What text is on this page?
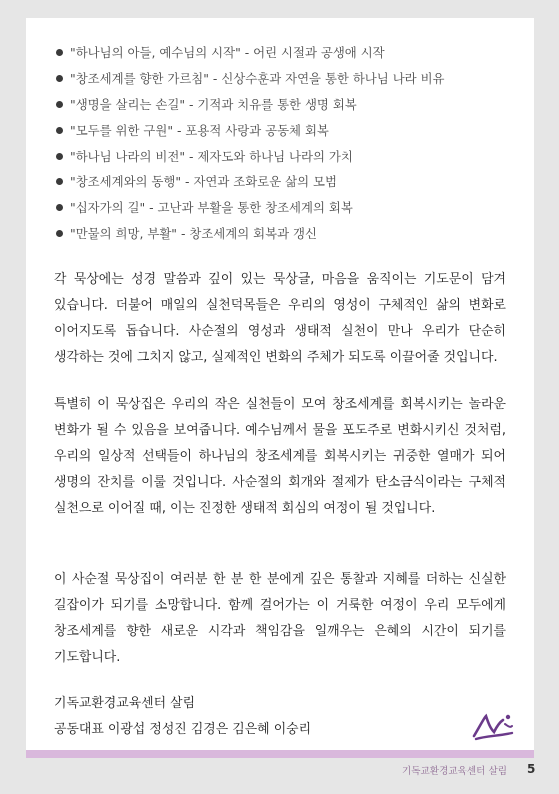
"하나님의 아들, 예수님의 시작" - 어린 시절과 공생애 시작
"창조세계를 향한 가르침" - 신상수훈과 자연을 통한 하나님 나라 비유
"생명을 살리는 손길" - 기적과 치유를 통한 생명 회복
"모두를 위한 구원" - 포용적 사랑과 공동체 회복
"하나님 나라의 비전" - 제자도와 하나님 나라의 가치
"창조세계와의 동행" - 자연과 조화로운 삶의 모범
"십자가의 길" - 고난과 부활을 통한 창조세계의 회복
"만물의 희망, 부활" - 창조세계의 회복과 갱신

각 묵상에는 성경 말씀과 깊이 있는 묵상글, 마음을 움직이는 기도문이 담겨 있습니다. 더불어 매일의 실천덕목들은 우리의 영성이 구체적인 삶의 변화로 이어지도록 돕습니다. 사순절의 영성과 생태적 실천이 만나 우리가 단순히 생각하는 것에 그치지 않고, 실제적인 변화의 주체가 되도록 이끌어줄 것입니다.

특별히 이 묵상집은 우리의 작은 실천들이 모여 창조세계를 회복시키는 놀라운 변화가 될 수 있음을 보여줍니다. 예수님께서 물을 포도주로 변화시키신 것처럼, 우리의 일상적 선택들이 하나님의 창조세계를 회복시키는 귀중한 열매가 되어 생명의 잔치를 이룰 것입니다. 사순절의 회개와 절제가 탄소금식이라는 구체적 실천으로 이어질 때, 이는 진정한 생태적 회심의 여정이 될 것입니다.

이 사순절 묵상집이 여러분 한 분 한 분에게 깊은 통찰과 지혜를 더하는 신실한 길잡이가 되기를 소망합니다. 함께 걸어가는 이 거룩한 여정이 우리 모두에게 창조세계를 향한 새로운 시각과 책임감을 일깨우는 은혜의 시간이 되기를 기도합니다.

기독교환경교육센터 살림
공동대표 이광섭 정성진 김경은 김은혜 이숭리
기독교환경교육센터 살림 5
